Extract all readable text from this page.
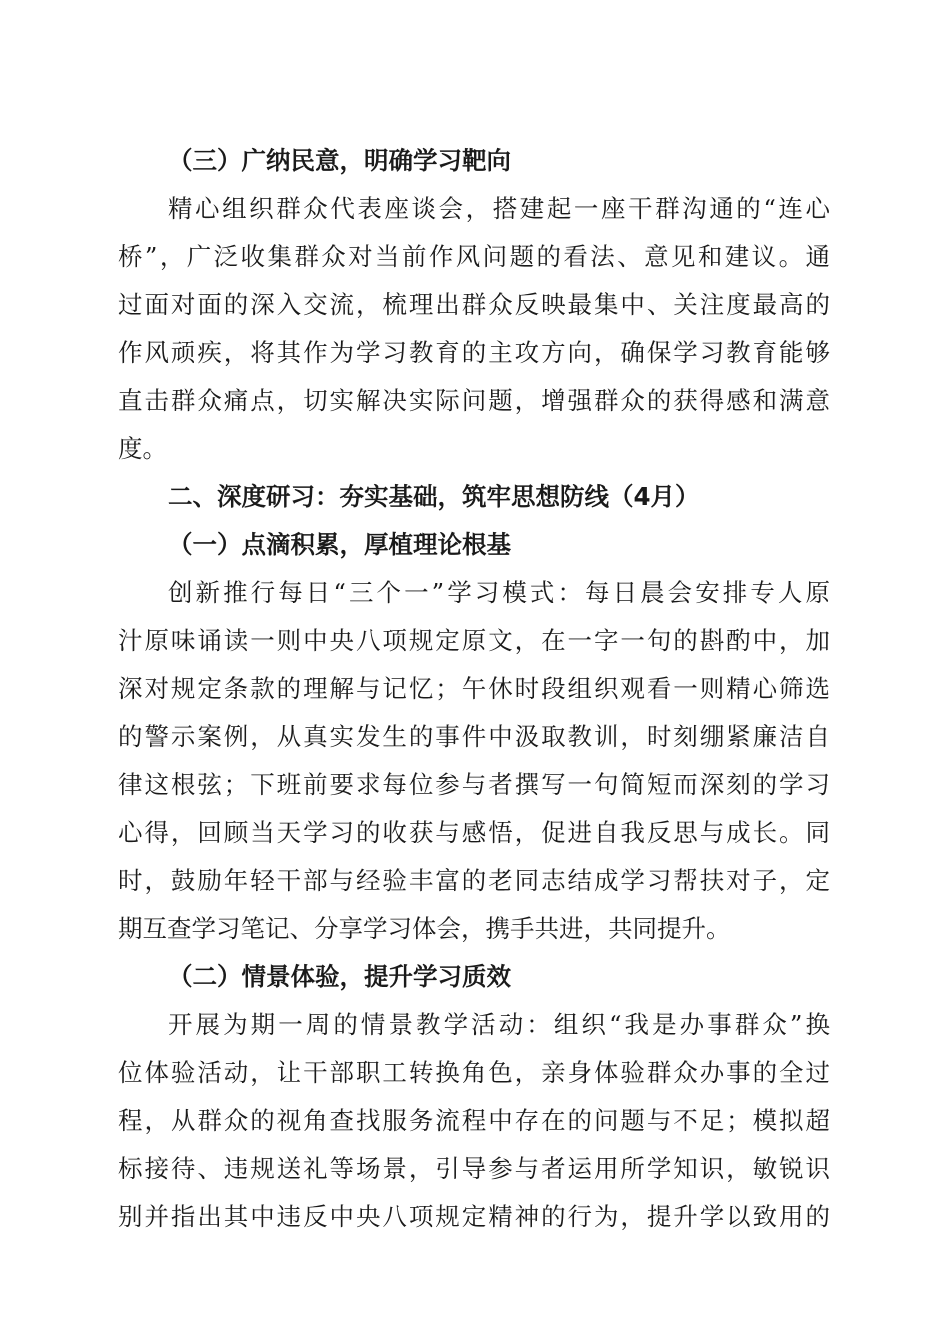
（三）广纳民意，明确学习靶向
精心组织群众代表座谈会，搭建起一座干群沟通的“连心
桥”，广泛收集群众对当前作风问题的看法、意见和建议。通
过面对面的深入交流，梳理出群众反映最集中、关注度最高的
作风顽疾，将其作为学习教育的主攻方向，确保学习教育能够
直击群众痛点，切实解决实际问题，增强群众的获得感和满意
度。
二、深度研习：夯实基础，筑牢思想防线（4月）
（一）点滴积累，厚植理论根基
创新推行每日“三个一”学习模式：每日晨会安排专人原
汁原味诵读一则中央八项规定原文，在一字一句的斟酌中，加
深对规定条款的理解与记忆；午休时段组织观看一则精心筛选
的警示案例，从真实发生的事件中汲取教训，时刻绷紧廉洁自
律这根弦；下班前要求每位参与者撰写一句简短而深刻的学习
心得，回顾当天学习的收获与感悟，促进自我反思与成长。同
时，鼓励年轻干部与经验丰富的老同志结成学习帮扶对子，定
期互查学习笔记、分享学习体会，携手共进，共同提升。
（二）情景体验，提升学习质效
开展为期一周的情景教学活动：组织“我是办事群众”换
位体验活动，让干部职工转换角色，亲身体验群众办事的全过
程，从群众的视角查找服务流程中存在的问题与不足；模拟超
标接待、违规送礼等场景，引导参与者运用所学知识，敏锐识
别并指出其中违反中央八项规定精神的行为，提升学以致用的
